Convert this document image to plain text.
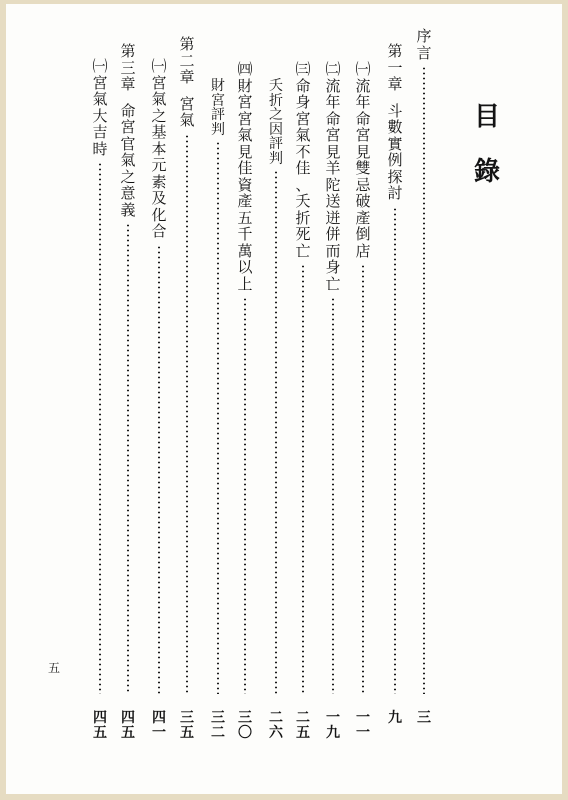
目
錄
序
言
三
第
一
章

斗
數
實
例
探
討
九
㈠
流
年
命
宮
見
雙
忌
破
產
倒
店
一
一
㈡
流
年
命
宮
見
羊
陀
送
迸
併
而
身
亡
一
九
㈢
命
身
宮
氣
不
佳
、
夭
折
死
亡
二
五
夭
折
之
因
評
判
二
六
㈣
財
宮
宮
氣
見
佳
資
產
五
千
萬
以
上
三
〇
財
宮
評
判
三
二
第
二
章

宮
氣
三
五
㈠
宮
氣
之
基
本
元
素
及
化
合
四
一
第
三
章

命
宮
官
氣
之
意
義
四
五
㈠
宮
氣
大
吉
時
四
五
五
